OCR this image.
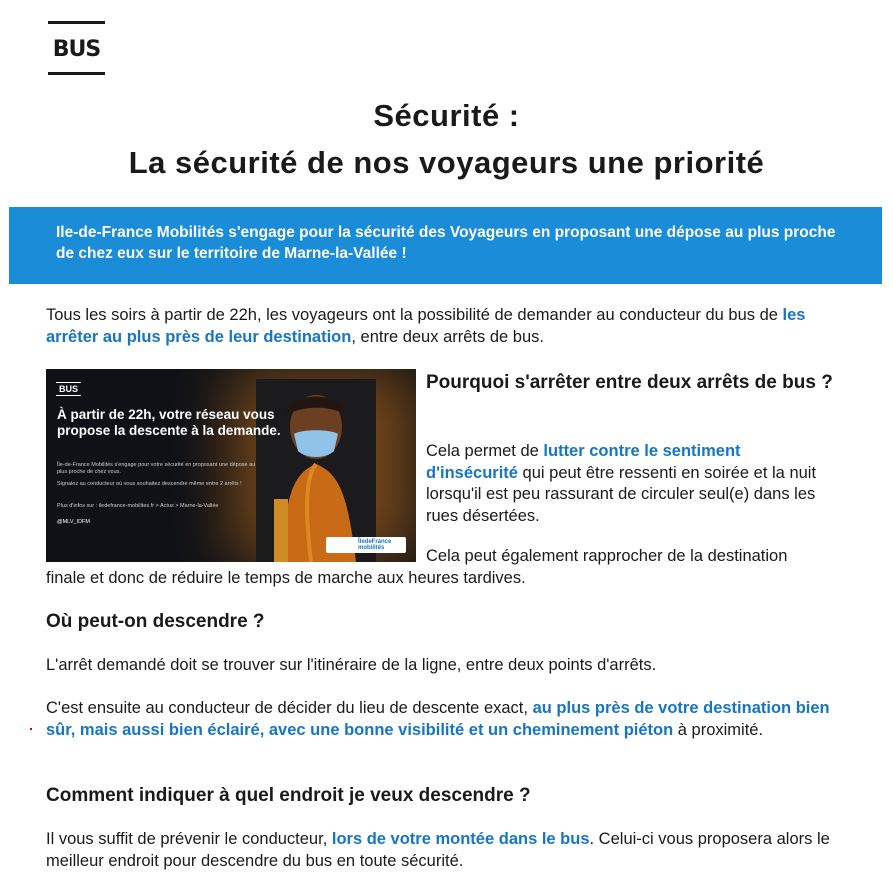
BUS
Sécurité :
La sécurité de nos voyageurs une priorité
Ile-de-France Mobilités s'engage pour la sécurité des Voyageurs en proposant une dépose au plus proche de chez eux sur le territoire de Marne-la-Vallée !
Tous les soirs à partir de 22h, les voyageurs ont la possibilité de demander au conducteur du bus de les arrêter au plus près de leur destination, entre deux arrêts de bus.
BUS
À partir de 22h, votre réseau vous propose la descente à la demande.
Île-de-France Mobilités s'engage pour votre sécurité en proposant une dépose au plus proche de chez vous.
Signalez au conducteur où vous souhaitez descendre même entre 2 arrêts !
Plus d'infos sur : iledefrance-mobilites.fr > Actus > Marne-la-Vallée
@MLV_IDFM
ÎledeFrance mobilités
Pourquoi s'arrêter entre deux arrêts de bus ?
Cela permet de lutter contre le sentiment d'insécurité qui peut être ressenti en soirée et la nuit lorsqu'il est peu rassurant de circuler seul(e) dans les rues désertées.
Cela peut également rapprocher de la destination
finale et donc de réduire le temps de marche aux heures tardives.
Où peut-on descendre ?
L'arrêt demandé doit se trouver sur l'itinéraire de la ligne, entre deux points d'arrêts.
C'est ensuite au conducteur de décider du lieu de descente exact, au plus près de votre destination bien sûr, mais aussi bien éclairé, avec une bonne visibilité et un cheminement piéton à proximité.
Comment indiquer à quel endroit je veux descendre ?
Il vous suffit de prévenir le conducteur, lors de votre montée dans le bus. Celui-ci vous proposera alors le meilleur endroit pour descendre du bus en toute sécurité.
